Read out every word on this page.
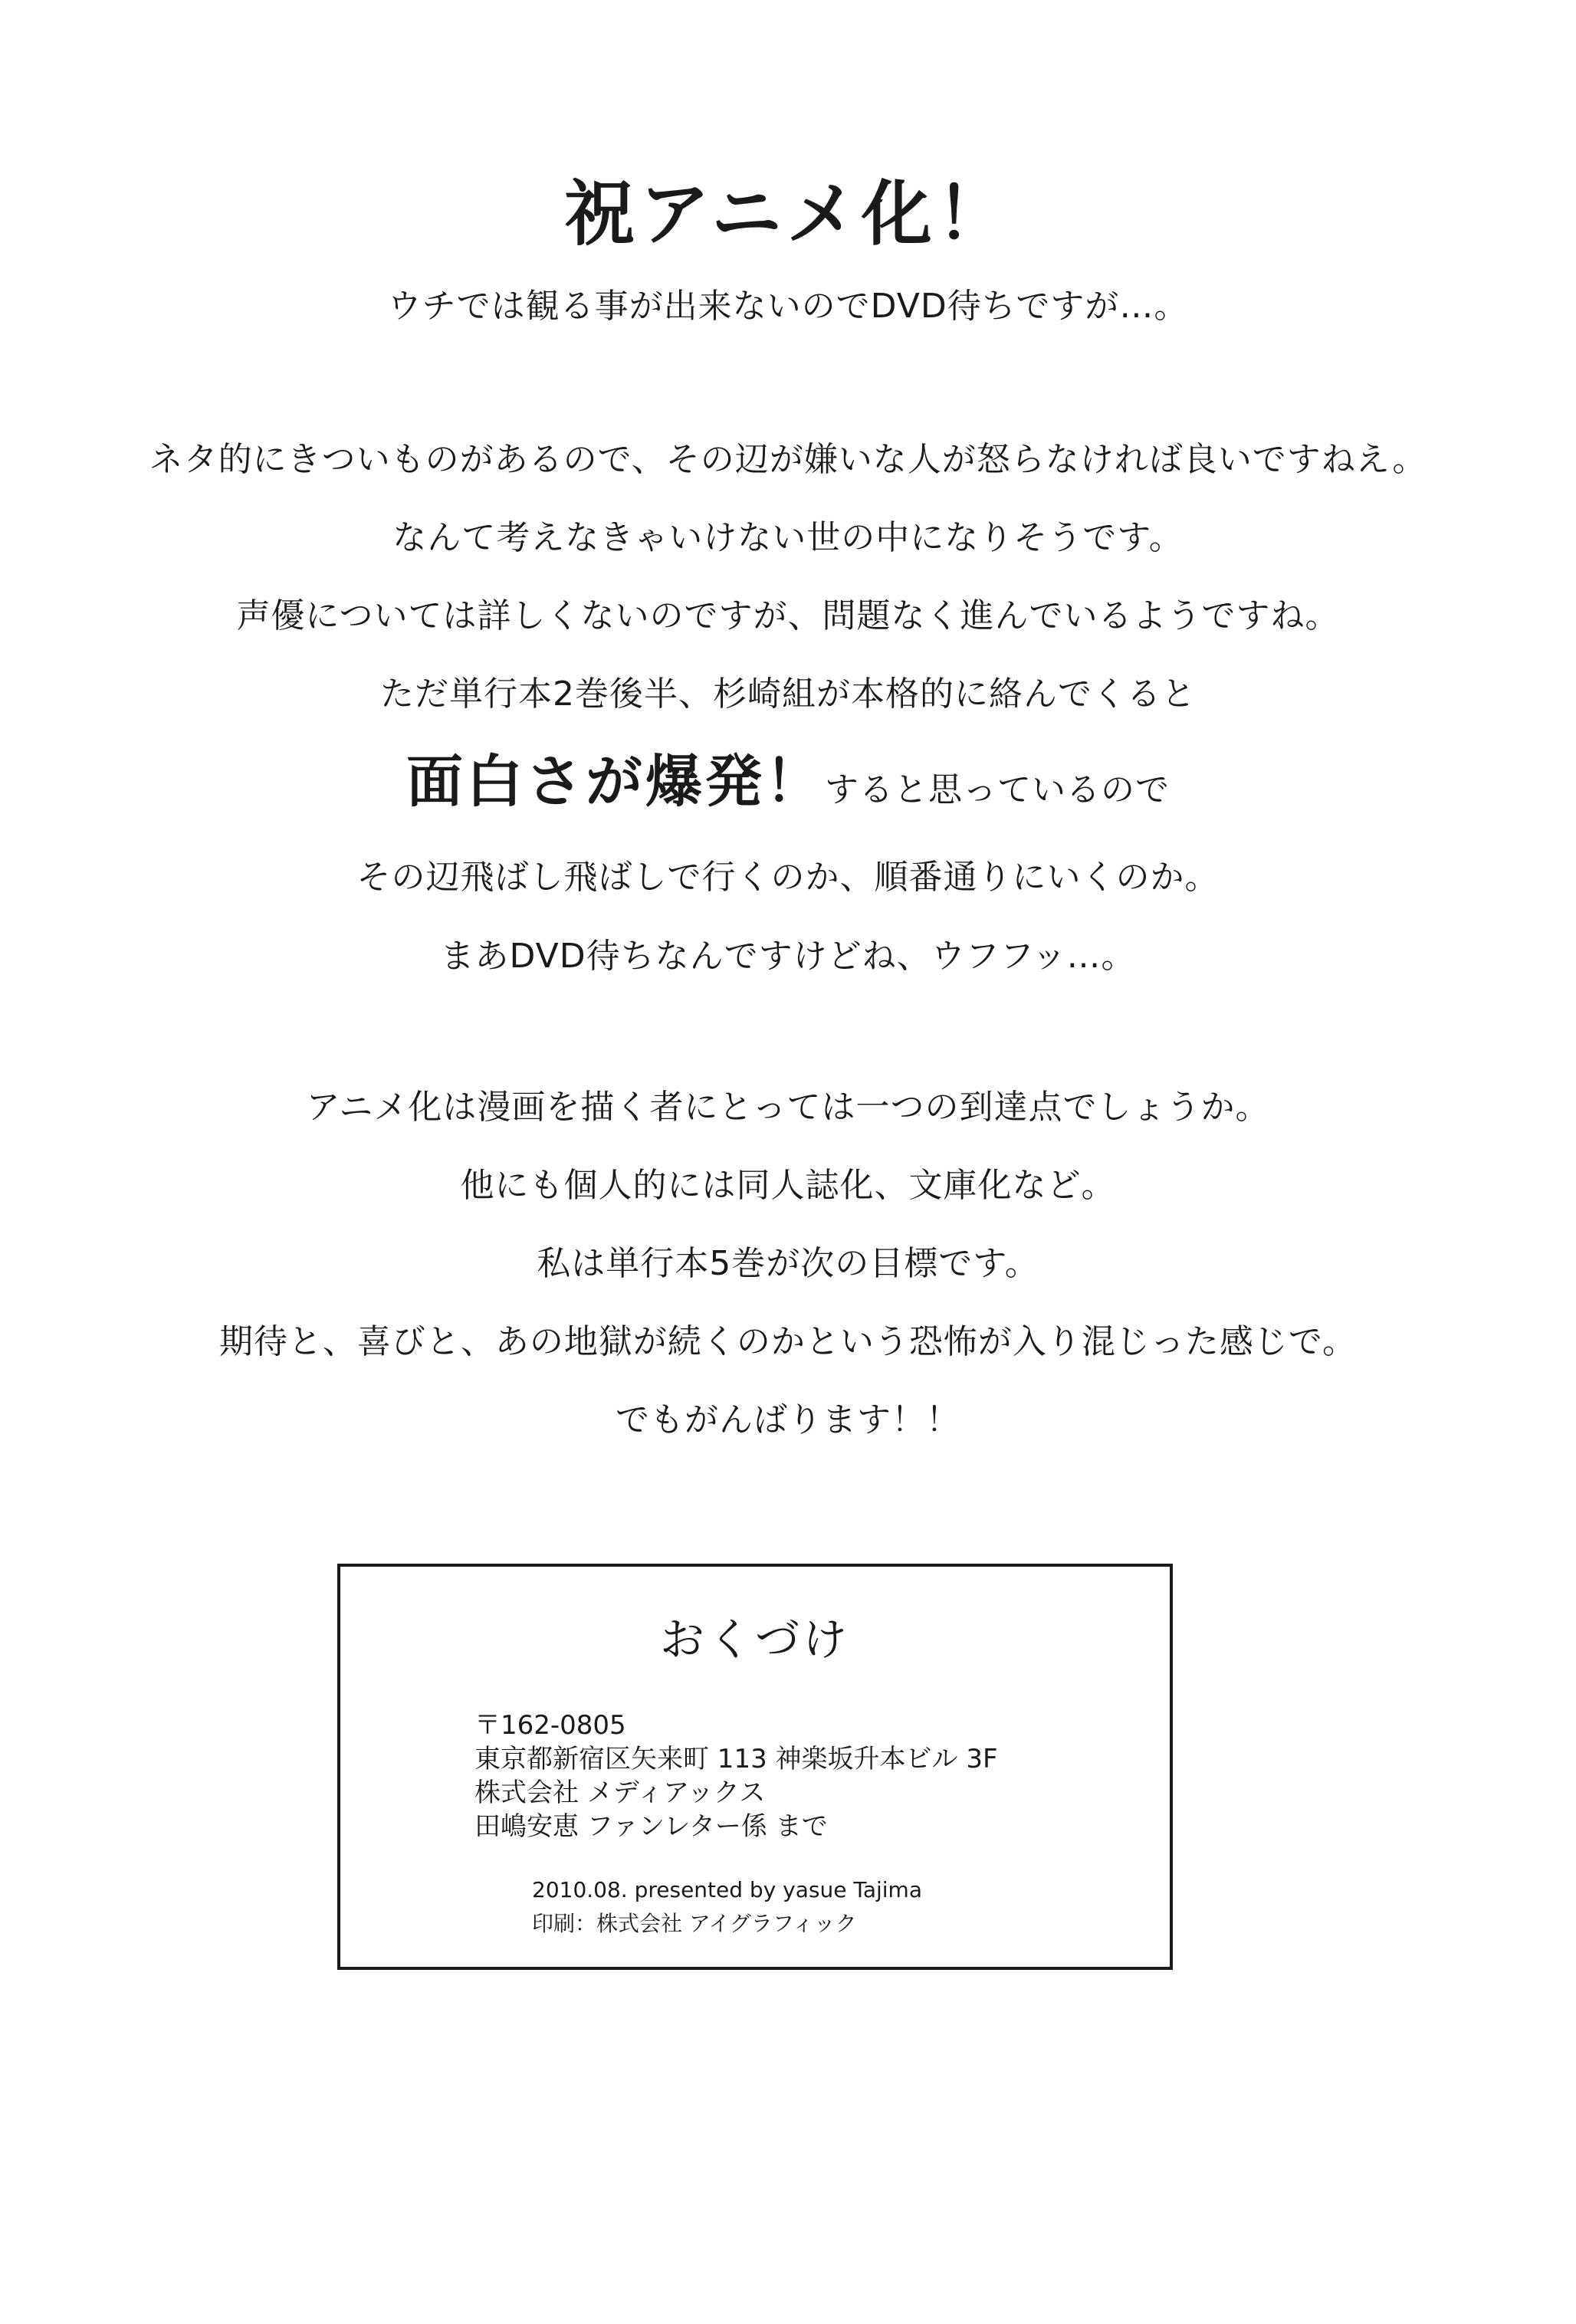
祝アニメ化！
ウチでは観る事が出来ないのでDVD待ちですが…。
ネタ的にきついものがあるので、その辺が嫌いな人が怒らなければ良いですねえ。
なんて考えなきゃいけない世の中になりそうです。
声優については詳しくないのですが、問題なく進んでいるようですね。
ただ単行本2巻後半、杉崎組が本格的に絡んでくると
面白さが爆発！すると思っているので
その辺飛ばし飛ばしで行くのか、順番通りにいくのか。
まあDVD待ちなんですけどね、ウフフッ…。
アニメ化は漫画を描く者にとっては一つの到達点でしょうか。
他にも個人的には同人誌化、文庫化など。
私は単行本5巻が次の目標です。
期待と、喜びと、あの地獄が続くのかという恐怖が入り混じった感じで。
でもがんばります！！
おくづけ
〒162-0805
東京都新宿区矢来町 113 神楽坂升本ビル 3F
株式会社 メディアックス
田嶋安恵 ファンレター係 まで
2010.08. presented by yasue Tajima
印刷：株式会社 アイグラフィック
